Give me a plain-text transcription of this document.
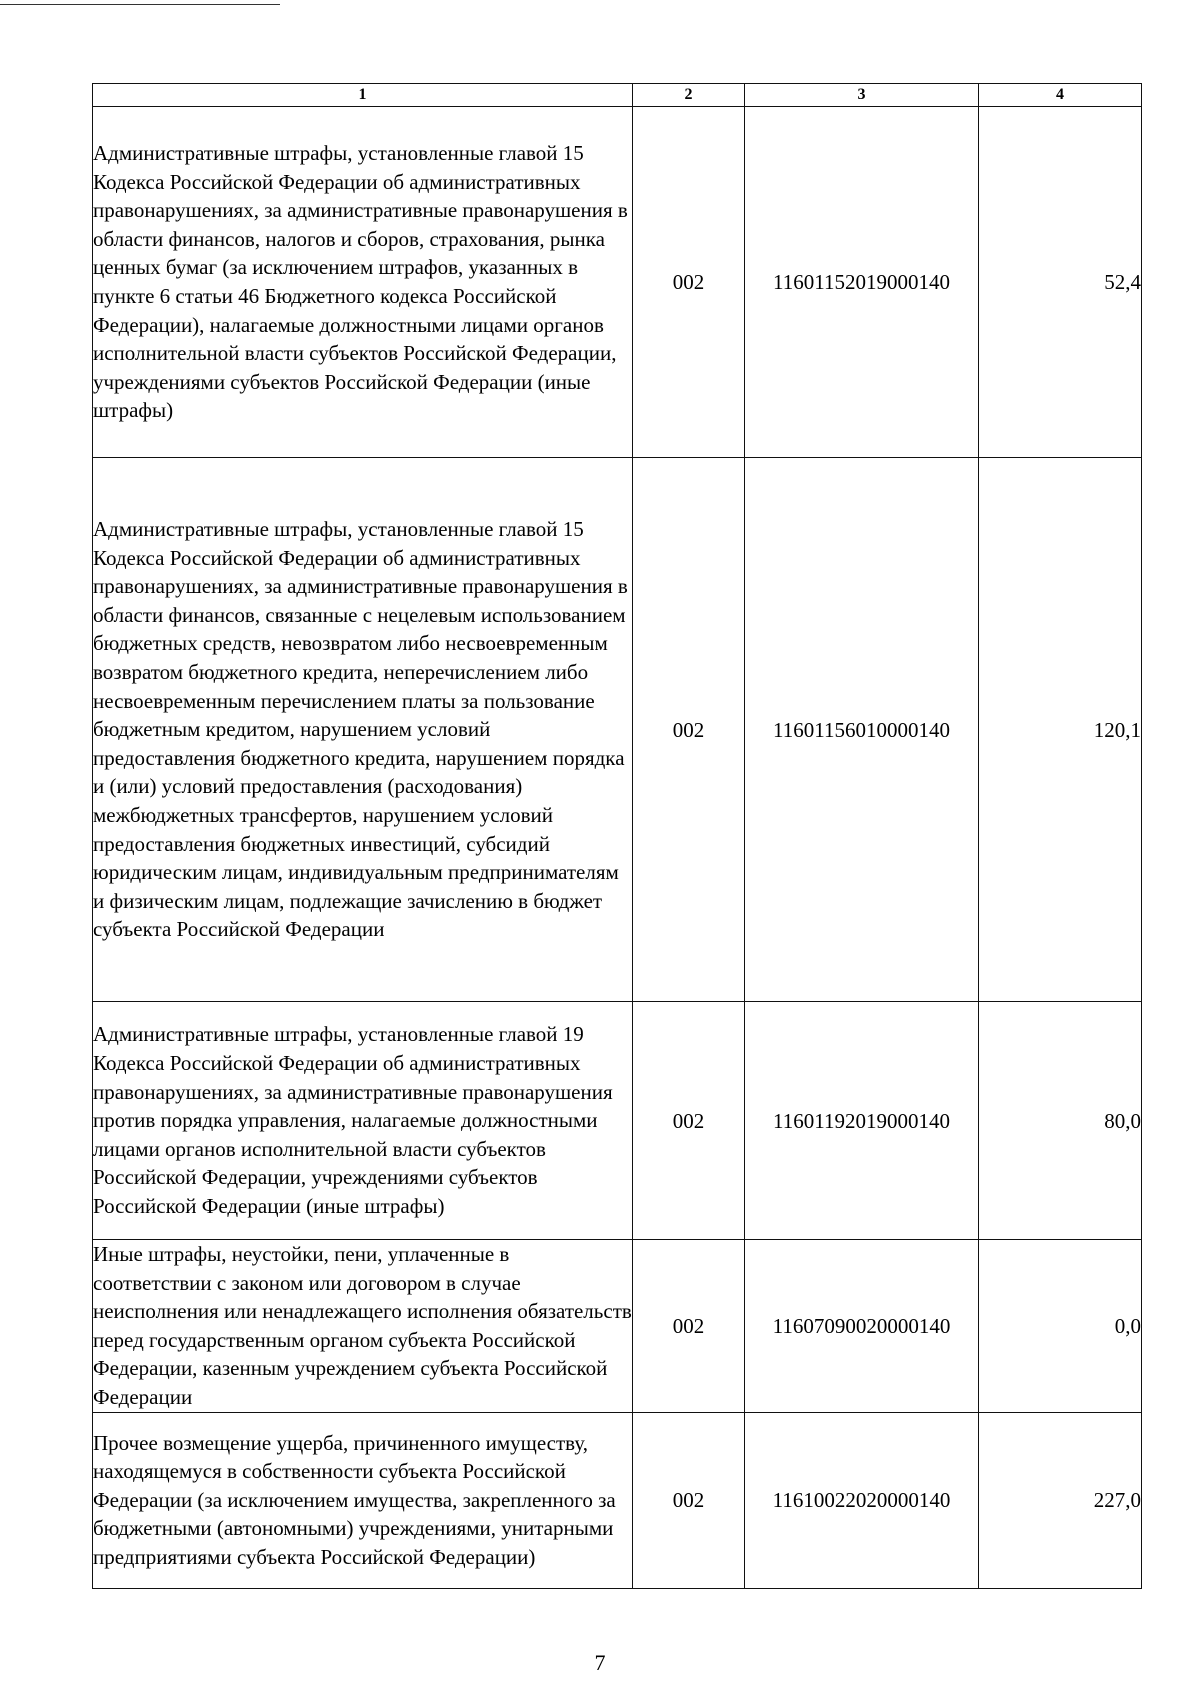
1	2	3	4
Административные штрафы, установленные главой 15 Кодекса Российской Федерации об административных правонарушениях, за административные правонарушения в области финансов, налогов и сборов, страхования, рынка ценных бумаг (за исключением штрафов, указанных в пункте 6 статьи 46 Бюджетного кодекса Российской Федерации), налагаемые должностными лицами органов исполнительной власти субъектов Российской Федерации, учреждениями субъектов Российской Федерации (иные штрафы)	002	11601152019000140	52,4
Административные штрафы, установленные главой 15 Кодекса Российской Федерации об административных правонарушениях, за административные правонарушения в области финансов, связанные с нецелевым использованием бюджетных средств, невозвратом либо несвоевременным возвратом бюджетного кредита, неперечислением либо несвоевременным перечислением платы за пользование бюджетным кредитом, нарушением условий предоставления бюджетного кредита, нарушением порядка и (или) условий предоставления (расходования) межбюджетных трансфертов, нарушением условий предоставления бюджетных инвестиций, субсидий юридическим лицам, индивидуальным предпринимателям и физическим лицам, подлежащие зачислению в бюджет субъекта Российской Федерации	002	11601156010000140	120,1
Административные штрафы, установленные главой 19 Кодекса Российской Федерации об административных правонарушениях, за административные правонарушения против порядка управления, налагаемые должностными лицами органов исполнительной власти субъектов Российской Федерации, учреждениями субъектов Российской Федерации (иные штрафы)	002	11601192019000140	80,0
Иные штрафы, неустойки, пени, уплаченные в соответствии с законом или договором в случае неисполнения или ненадлежащего исполнения обязательств перед государственным органом субъекта Российской Федерации, казенным учреждением субъекта Российской Федерации	002	11607090020000140	0,0
Прочее возмещение ущерба, причиненного имуществу, находящемуся в собственности субъекта Российской Федерации (за исключением имущества, закрепленного за бюджетными (автономными) учреждениями, унитарными предприятиями субъекта Российской Федерации)	002	11610022020000140	227,0
7
